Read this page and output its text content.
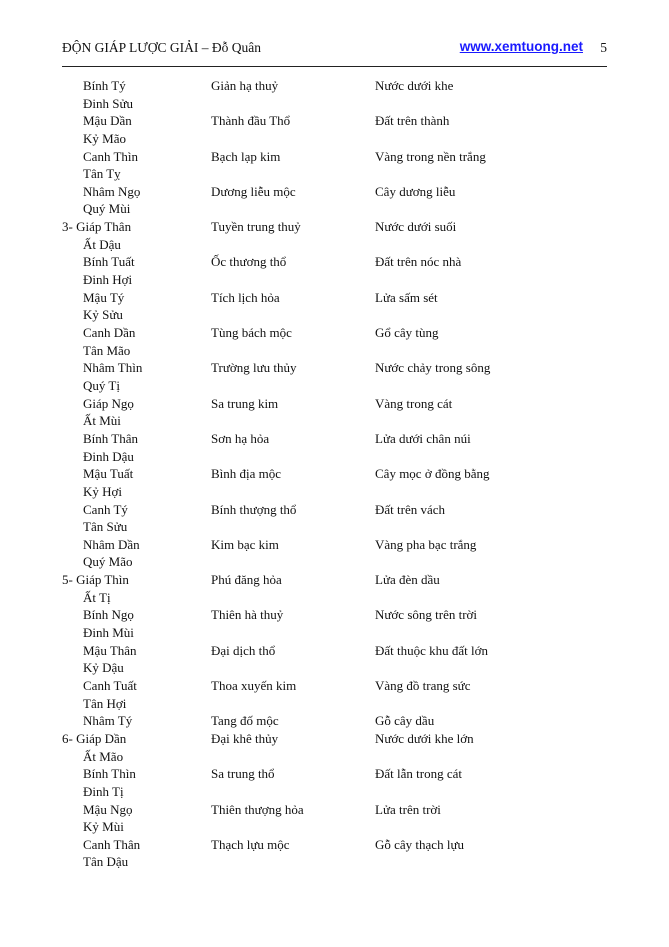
ĐỘN GIÁP LƯỢC GIẢI – Đỗ Quân	www.xemtuong.net 5
Bính Tý
Đinh Sửu
Giản hạ thuỷ	Nước dưới khe
Mậu Dần
Kỷ Mão
Thành đầu Thổ	Đất trên thành
Canh Thìn
Tân Tỵ
Bạch lạp kim	Vàng trong nền trắng
Nhâm Ngọ
Quý Mùi
Dương liễu mộc	Cây dương liễu
3- Giáp Thân
Ất Dậu
Tuyền trung thuỷ	Nước dưới suối
Bính Tuất
Đinh Hợi
Ốc thương thổ	Đất trên nóc nhà
Mậu Tý
Kỷ Sửu
Tích lịch hỏa	Lửa sấm sét
Canh Dần
Tân Mão
Tùng bách mộc	Gổ cây tùng
Nhâm Thìn
Quý Tị
Trường lưu thủy	Nước chảy trong sông
Giáp Ngọ
Ất Mùi
Sa trung kim	Vàng trong cát
Bính Thân
Đinh Dậu
Sơn hạ hỏa	Lửa dưới chân núi
Mậu Tuất
Kỷ Hợi
Bình địa mộc	Cây mọc ở đồng bằng
Canh Tý
Tân Sửu
Bính thượng thổ	Đất trên vách
Nhâm Dần
Quý Mão
Kim bạc kim	Vàng pha bạc trắng
5- Giáp Thìn
Ất Tị
Phú đăng hỏa	Lửa đèn dầu
Bính Ngọ
Đinh Mùi
Thiên hà thuỷ	Nước sông trên trời
Mậu Thân
Kỷ Dậu
Đại dịch thổ	Đất thuộc khu đất lớn
Canh Tuất
Tân Hợi
Thoa xuyến kim	Vàng đồ trang sức
Nhâm Tý	Tang đố mộc	Gỗ cây dầu
6- Giáp Dần
Ất Mão
Đại khê thủy	Nước dưới khe lớn
Bính Thìn
Đinh Tị
Sa trung thổ	Đất lẫn trong cát
Mậu Ngọ
Kỷ Mùi
Thiên thượng hỏa	Lửa trên trời
Canh Thân
Tân Dậu
Thạch lựu mộc	Gỗ cây thạch lựu
